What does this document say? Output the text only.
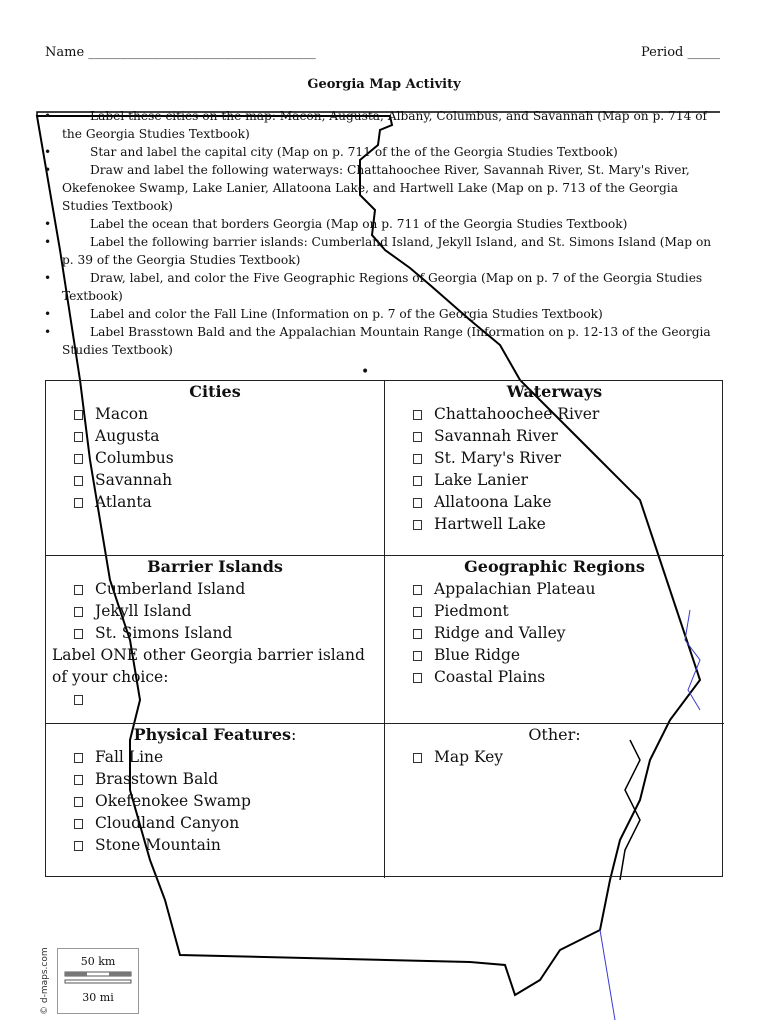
Name ___________________________________	Period _____
Georgia Map Activity
• Label these cities on the map: Macon, Augusta, Albany, Columbus, and Savannah (Map on p. 714 of the Georgia Studies Textbook)
• Star and label the capital city (Map on p. 711 of the of the Georgia Studies Textbook)
• Draw and label the following waterways: Chattahoochee River, Savannah River, St. Mary's River, Okefenokee Swamp, Lake Lanier, Allatoona Lake, and Hartwell Lake (Map on p. 713 of the Georgia Studies Textbook)
• Label the ocean that borders Georgia (Map on p. 711 of the Georgia Studies Textbook)
• Label the following barrier islands: Cumberland Island, Jekyll Island, and St. Simons Island (Map on p. 39 of the Georgia Studies Textbook)
• Draw, label, and color the Five Geographic Regions of Georgia (Map on p. 7 of the Georgia Studies Textbook)
• Label and color the Fall Line (Information on p. 7 of the Georgia Studies Textbook)
• Label Brasstown Bald and the Appalachian Mountain Range (Information on p. 12-13 of the Georgia Studies Textbook)
•
Cities
Macon
Augusta
Columbus
Savannah
Atlanta
Waterways
Chattahoochee River
Savannah River
St. Mary's River
Lake Lanier
Allatoona Lake
Hartwell Lake
Barrier Islands
Cumberland Island
Jekyll Island
St. Simons Island
Label ONE other Georgia barrier island of your choice:
Geographic Regions
Appalachian Plateau
Piedmont
Ridge and Valley
Blue Ridge
Coastal Plains
Physical Features:
Fall Line
Brasstown Bald
Okefenokee Swamp
Cloudland Canyon
Stone Mountain
Other:
Map Key
50 km
30 mi
© d-maps.com
